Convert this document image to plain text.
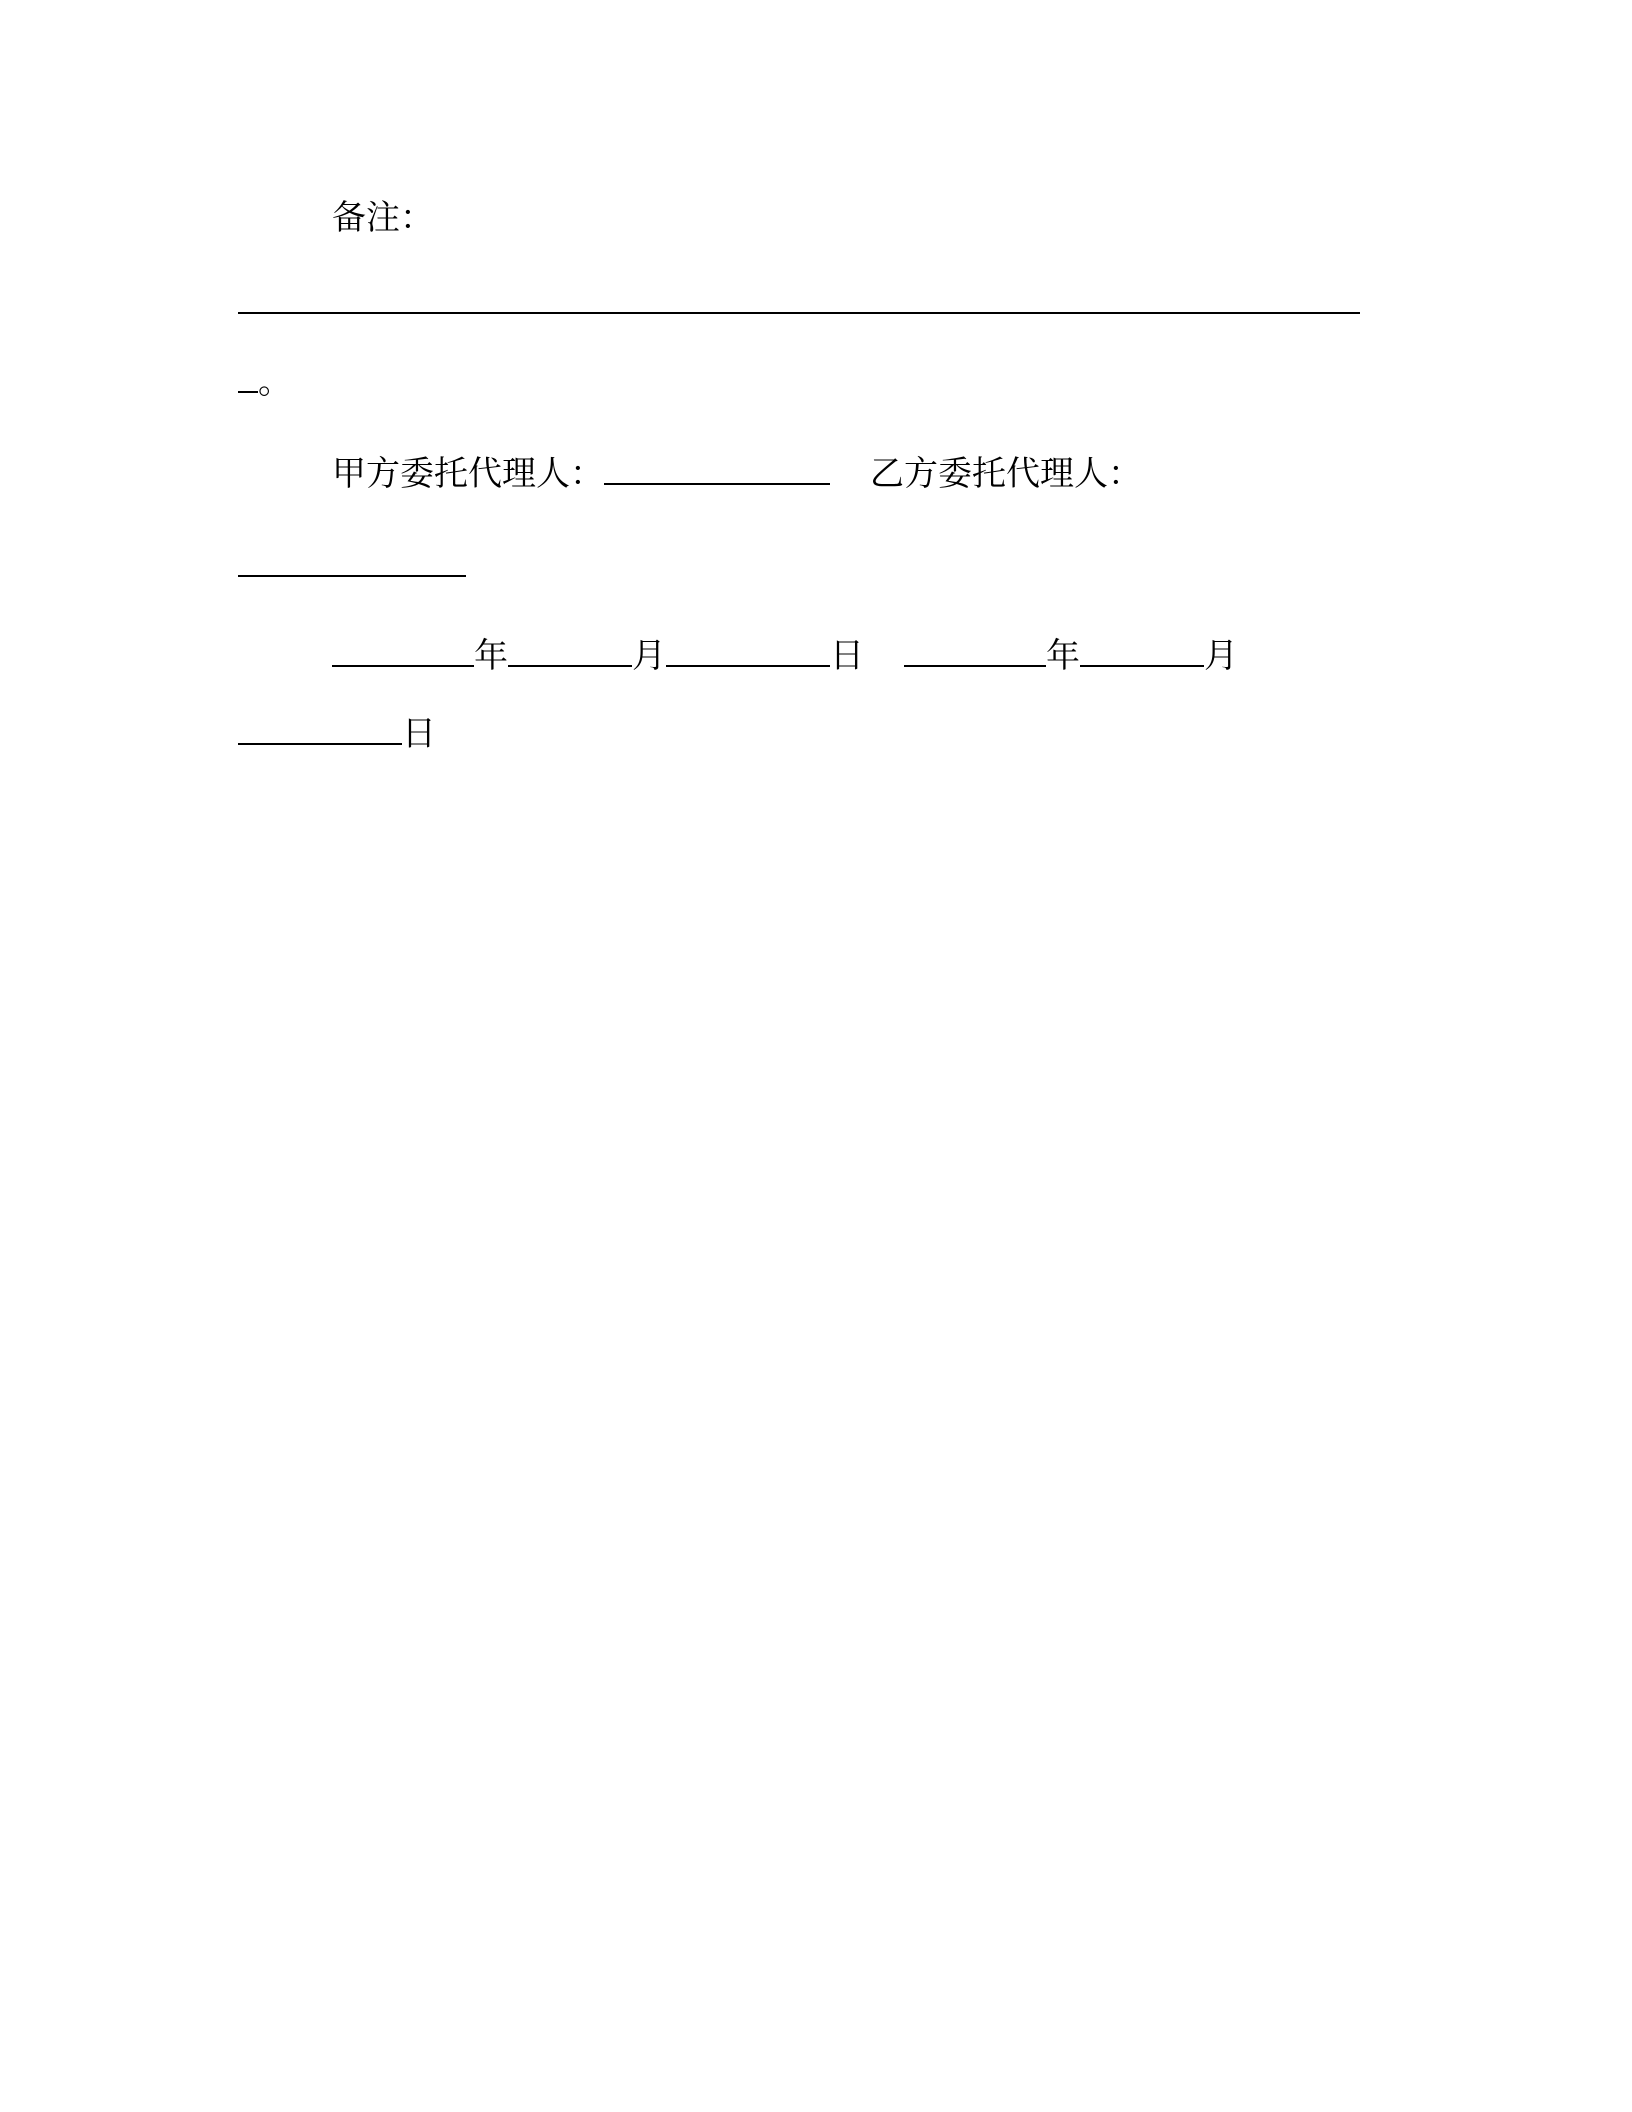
备注：
。
甲方委托代理人：	乙方委托代理人：
年	月	日	年	月
日
